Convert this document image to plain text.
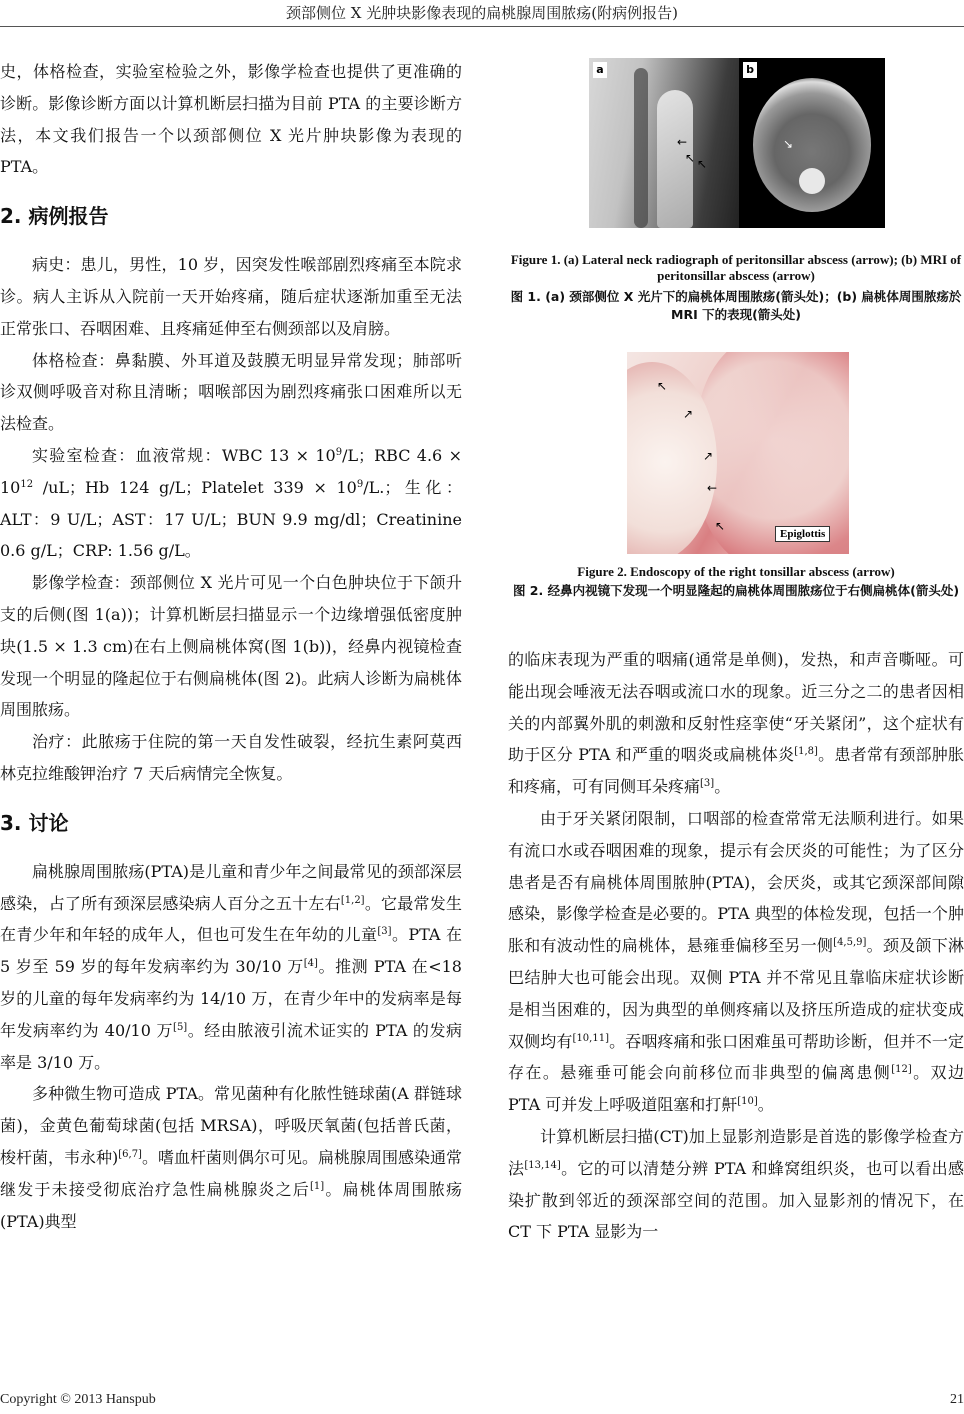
颈部侧位 X 光肿块影像表现的扁桃腺周围脓疡(附病例报告)

史，体格检查，实验室检验之外，影像学检查也提供了更准确的诊断。影像诊断方面以计算机断层扫描为目前 PTA 的主要诊断方法，本文我们报告一个以颈部侧位 X 光片肿块影像为表现的 PTA。

2. 病例报告

病史：患儿，男性，10 岁，因突发性喉部剧烈疼痛至本院求诊。病人主诉从入院前一天开始疼痛，随后症状逐渐加重至无法正常张口、吞咽困难、且疼痛延伸至右侧颈部以及肩膀。

体格检查：鼻黏膜、外耳道及鼓膜无明显异常发现；肺部听诊双侧呼吸音对称且清晰；咽喉部因为剧烈疼痛张口困难所以无法检查。

实验室检查：血液常规：WBC $13 \times 10^9/L$；RBC $4.6 \times 10^{12}$ /uL；Hb 124 g/L；Platelet $339 \times 10^9/L$.；生化：ALT：9 U/L；AST：17 U/L；BUN 9.9 mg/dl；Creatinine 0.6 g/L；CRP: 1.56 g/L。

影像学检查：颈部侧位 X 光片可见一个白色肿块位于下颌升支的后侧(图 1(a))；计算机断层扫描显示一个边缘增强低密度肿块(1.5 × 1.3 cm)在右上侧扁桃体窝(图 1(b))，经鼻内视镜检查发现一个明显的隆起位于右侧扁桃体(图 2)。此病人诊断为扁桃体周围脓疡。

治疗：此脓疡于住院的第一天自发性破裂，经抗生素阿莫西林克拉维酸钾治疗 7 天后病情完全恢复。

3. 讨论

扁桃腺周围脓疡(PTA)是儿童和青少年之间最常见的颈部深层感染，占了所有颈深层感染病人百分之五十左右[1,2]。它最常发生在青少年和年轻的成年人，但也可发生在年幼的儿童[3]。PTA 在 5 岁至 59 岁的每年发病率约为 30/10 万[4]。推测 PTA 在<18 岁的儿童的每年发病率约为 14/10 万，在青少年中的发病率是每年发病率约为 40/10 万[5]。经由脓液引流术证实的 PTA 的发病率是 3/10 万。

多种微生物可造成 PTA。常见菌种有化脓性链球菌(A 群链球菌)，金黄色葡萄球菌(包括 MRSA)，呼吸厌氧菌(包括普氏菌，梭杆菌，韦永种)[6,7]。嗜血杆菌则偶尔可见。扁桃腺周围感染通常继发于未接受彻底治疗急性扁桃腺炎之后[1]。扁桃体周围脓疡(PTA)典型

a
←
↖ ↖
b
↘
Figure 1. (a) Lateral neck radiograph of peritonsillar abscess (arrow); (b) MRI of peritonsillar abscess (arrow)
图 1. (a) 颈部侧位 X 光片下的扁桃体周围脓疡(箭头处)；(b) 扁桃体周围脓疡於 MRI 下的表现(箭头处)
↖
↗
↗
←
↖
Epiglottis
Figure 2. Endoscopy of the right tonsillar abscess (arrow)
图 2. 经鼻内视镜下发现一个明显隆起的扁桃体周围脓疡位于右侧扁桃体(箭头处)

的临床表现为严重的咽痛(通常是单侧)，发热，和声音嘶哑。可能出现会唾液无法吞咽或流口水的现象。近三分之二的患者因相关的内部翼外肌的刺激和反射性痉挛使“牙关紧闭”，这个症状有助于区分 PTA 和严重的咽炎或扁桃体炎[1,8]。患者常有颈部肿胀和疼痛，可有同侧耳朵疼痛[3]。

由于牙关紧闭限制，口咽部的检查常常无法顺利进行。如果有流口水或吞咽困难的现象，提示有会厌炎的可能性；为了区分患者是否有扁桃体周围脓肿(PTA)，会厌炎，或其它颈深部间隙感染，影像学检查是必要的。PTA 典型的体检发现，包括一个肿胀和有波动性的扁桃体，悬雍垂偏移至另一侧[4,5,9]。颈及颌下淋巴结肿大也可能会出现。双侧 PTA 并不常见且靠临床症状诊断是相当困难的，因为典型的单侧疼痛以及挤压所造成的症状变成双侧均有[10,11]。吞咽疼痛和张口困难虽可帮助诊断，但并不一定存在。悬雍垂可能会向前移位而非典型的偏离患侧[12]。双边 PTA 可并发上呼吸道阻塞和打鼾[10]。

计算机断层扫描(CT)加上显影剂造影是首选的影像学检查方法[13,14]。它的可以清楚分辨 PTA 和蜂窝组织炎，也可以看出感染扩散到邻近的颈深部空间的范围。加入显影剂的情况下，在 CT 下 PTA 显影为一

Copyright © 2013 Hanspub	21
